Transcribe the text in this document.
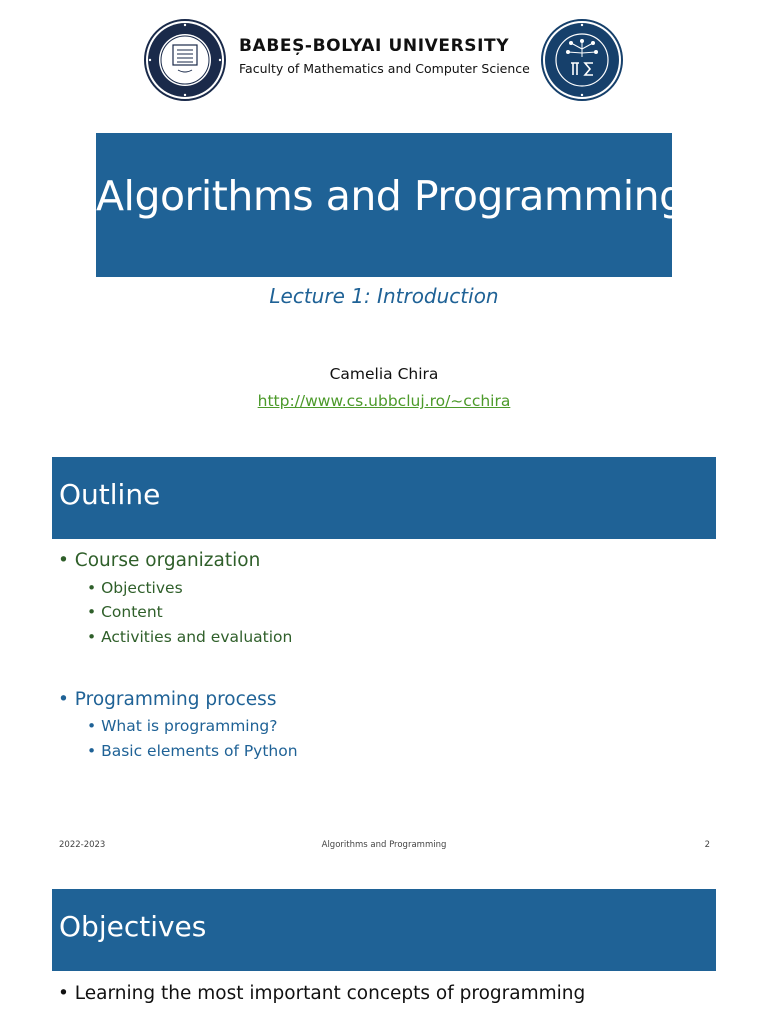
BABEȘ-BOLYAI UNIVERSITY
Faculty of Mathematics and Computer Science
Algorithms and Programming
Lecture 1: Introduction
Camelia Chira
http://www.cs.ubbcluj.ro/~cchira
Outline
• Course organization
• Objectives
• Content
• Activities and evaluation
• Programming process
• What is programming?
• Basic elements of Python
2022-2023	Algorithms and Programming	2
Objectives
• Learning the most important concepts of programming
